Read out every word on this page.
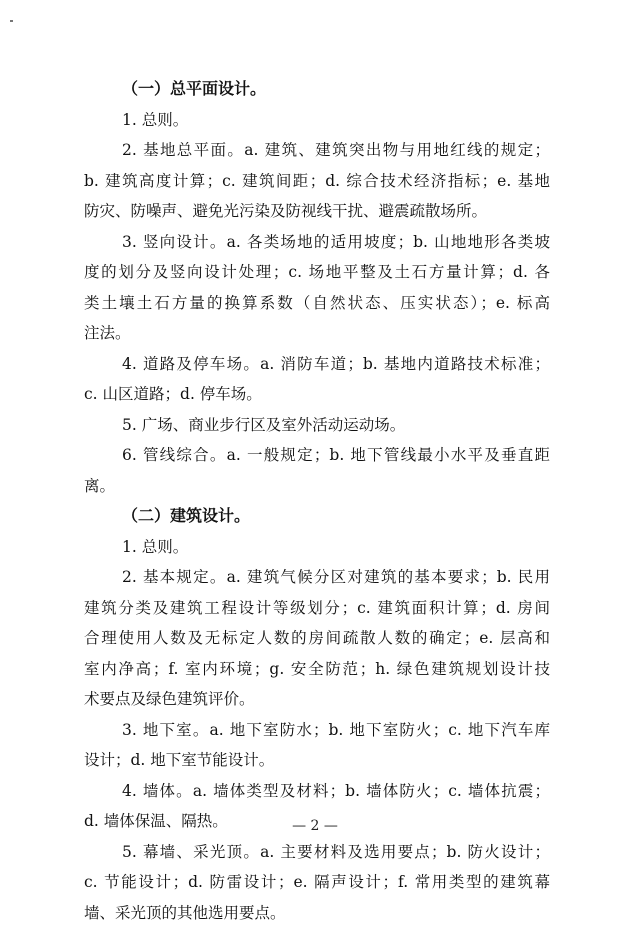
（一）总平面设计。
1. 总则。
2. 基地总平面。a. 建筑、建筑突出物与用地红线的规定；
b. 建筑高度计算；c. 建筑间距；d. 综合技术经济指标；e. 基地
防灾、防噪声、避免光污染及防视线干扰、避震疏散场所。
3. 竖向设计。a. 各类场地的适用坡度；b. 山地地形各类坡
度的划分及竖向设计处理；c. 场地平整及土石方量计算；d. 各
类土壤土石方量的换算系数（自然状态、压实状态）；e. 标高
注法。
4. 道路及停车场。a. 消防车道；b. 基地内道路技术标准；
c. 山区道路；d. 停车场。
5. 广场、商业步行区及室外活动运动场。
6. 管线综合。a. 一般规定；b. 地下管线最小水平及垂直距
离。
（二）建筑设计。
1. 总则。
2. 基本规定。a. 建筑气候分区对建筑的基本要求；b. 民用
建筑分类及建筑工程设计等级划分；c. 建筑面积计算；d. 房间
合理使用人数及无标定人数的房间疏散人数的确定；e. 层高和
室内净高；f. 室内环境；g. 安全防范；h. 绿色建筑规划设计技
术要点及绿色建筑评价。
3. 地下室。a. 地下室防水；b. 地下室防火；c. 地下汽车库
设计；d. 地下室节能设计。
4. 墙体。a. 墙体类型及材料；b. 墙体防火；c. 墙体抗震；
d. 墙体保温、隔热。
5. 幕墙、采光顶。a. 主要材料及选用要点；b. 防火设计；
c. 节能设计；d. 防雷设计；e. 隔声设计；f. 常用类型的建筑幕
墙、采光顶的其他选用要点。
— 2 —
